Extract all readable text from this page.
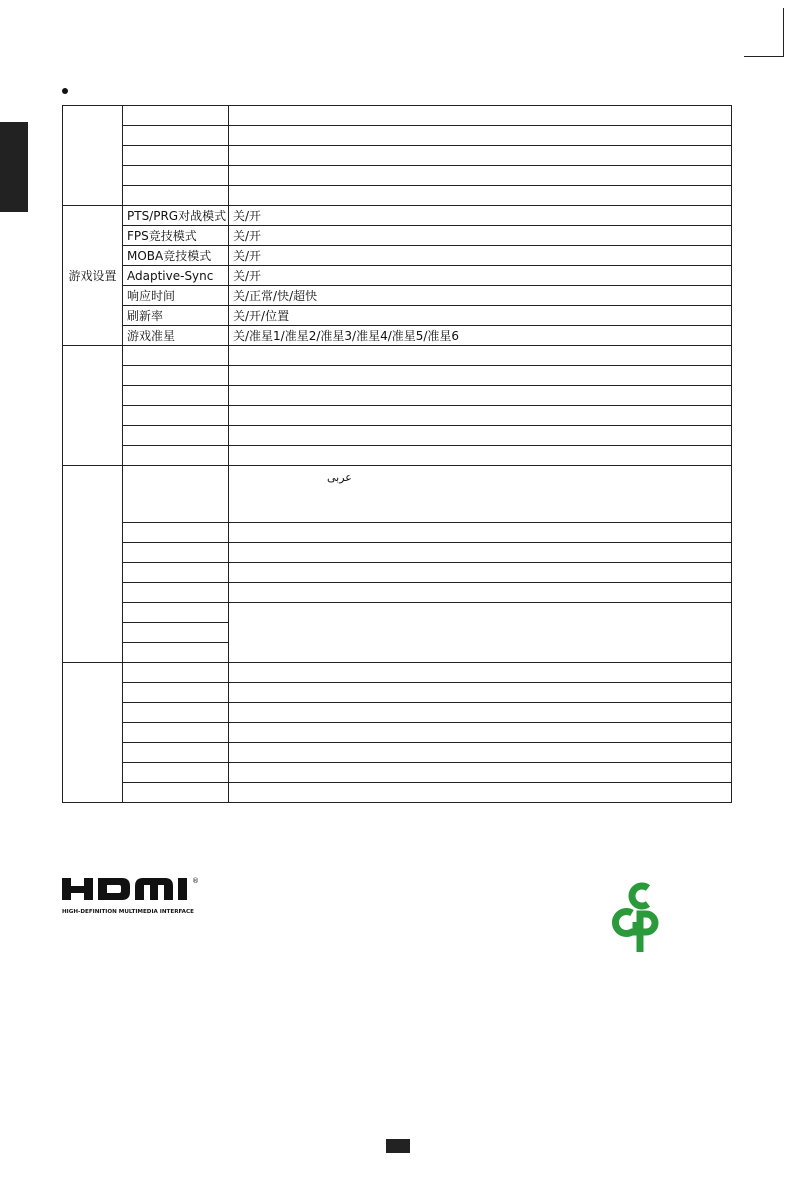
游戏设置	PTS/PRG对战模式	关/开
	FPS竞技模式	关/开
	MOBA竞技模式	关/开
	Adaptive-Sync	关/开
	响应时间	关/正常/快/超快
	刷新率	关/开/位置
	游戏准星	关/准星1/准星2/准星3/准星4/准星5/准星6

		عربى

®
HIGH-DEFINITION MULTIMEDIA INTERFACE
